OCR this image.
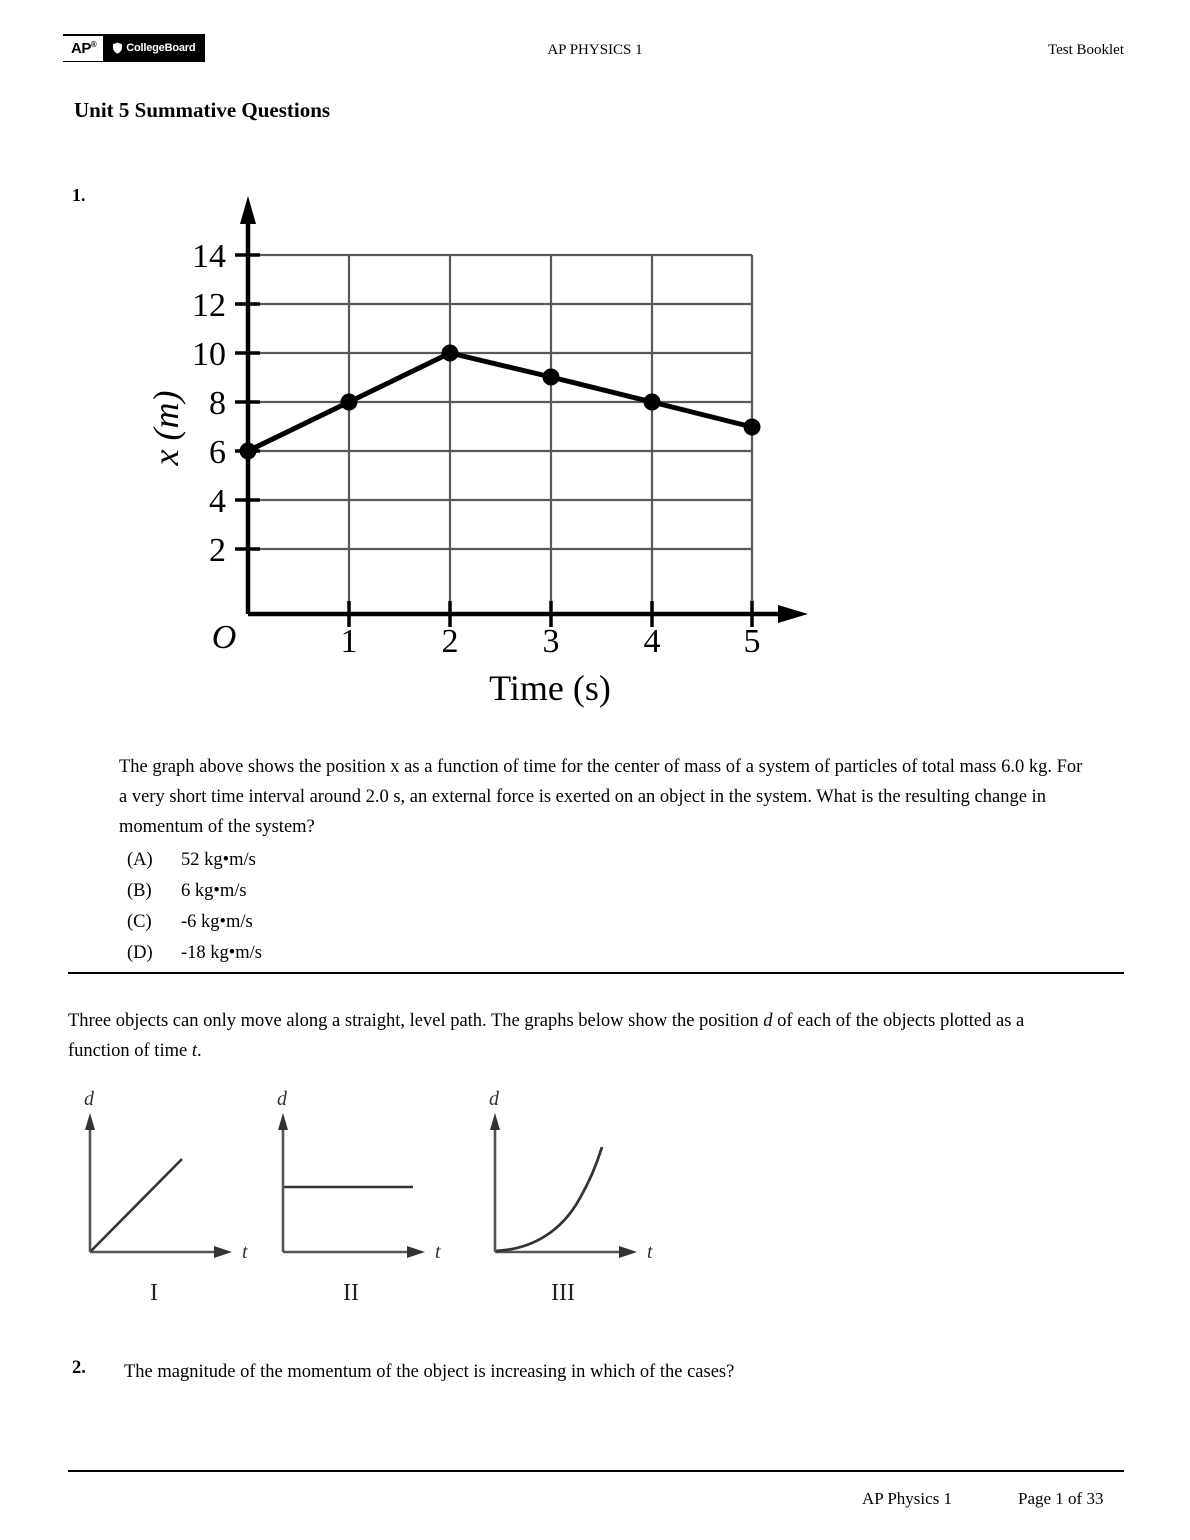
AP®	CollegeBoard	AP PHYSICS 1	Test Booklet
Unit 5 Summative Questions
1.
14
12
10
8
6
4
2
O	1 2 3 4 5
Time (s)
x (m)
The graph above shows the position x as a function of time for the center of mass of a system of particles of total mass 6.0 kg. For a very short time interval around 2.0 s, an external force is exerted on an object in the system. What is the resulting change in momentum of the system?
(A)	52 kg•m/s
(B)	6 kg•m/s
(C)	-6 kg•m/s
(D)	-18 kg•m/s
Three objects can only move along a straight, level path. The graphs below show the position d of each of the objects plotted as a function of time t.
d
t
I
d
t
II
d
t
III
2. The magnitude of the momentum of the object is increasing in which of the cases?
AP Physics 1	Page 1 of 33
